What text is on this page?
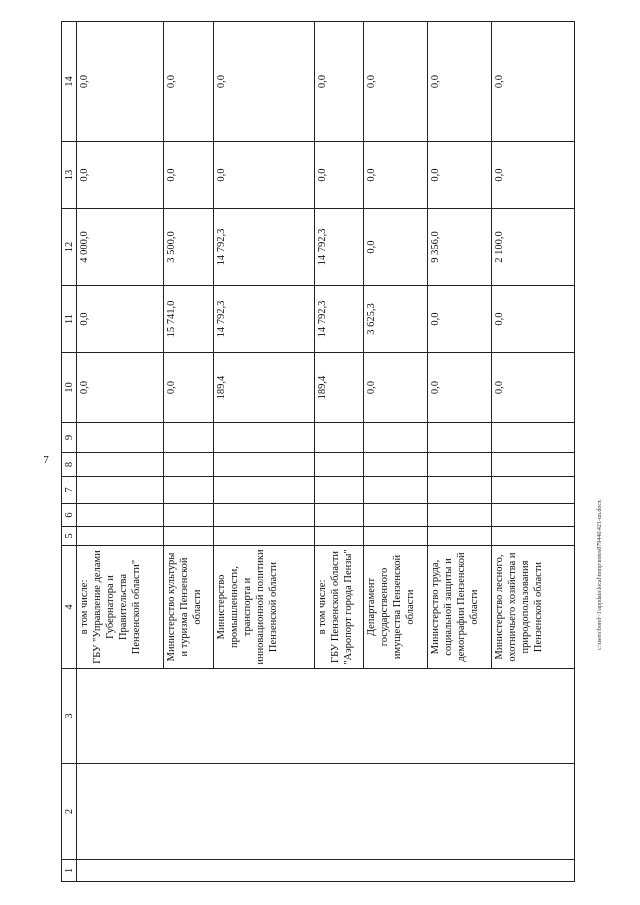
7
1	2	3	4	5	6	7	8	9	10	11	12	13	14
			в том числе:
ГБУ "Управление делами Губернатора и Правительства Пензенской области"						0,0	0,0	4 000,0	0,0	0,0
			Министерство культуры и туризма Пензенской области						0,0	15 741,0	3 500,0	0,0	0,0
			Министерство промышленности, транспорта и инновационной политики Пензенской области						189,4	14 792,3	14 792,3	0,0	0,0
			в том числе:
ГБУ Пензенской области "Аэропорт города Пензы"						189,4	14 792,3	14 792,3	0,0	0,0
			Департамент государственного имущества Пензенской области						0,0	3 625,3	0,0	0,0	0,0
			Министерство труда, социальной защиты и демографии Пензенской области						0,0	0,0	9 356,0	0,0	0,0
			Министерство лесного, охотничьего хозяйства и природопользования Пензенской области						0,0	0,0	2 100,0	0,0	0,0
c:\users\borel~1\appdata\local\temp\notes879446\421-un.docx
